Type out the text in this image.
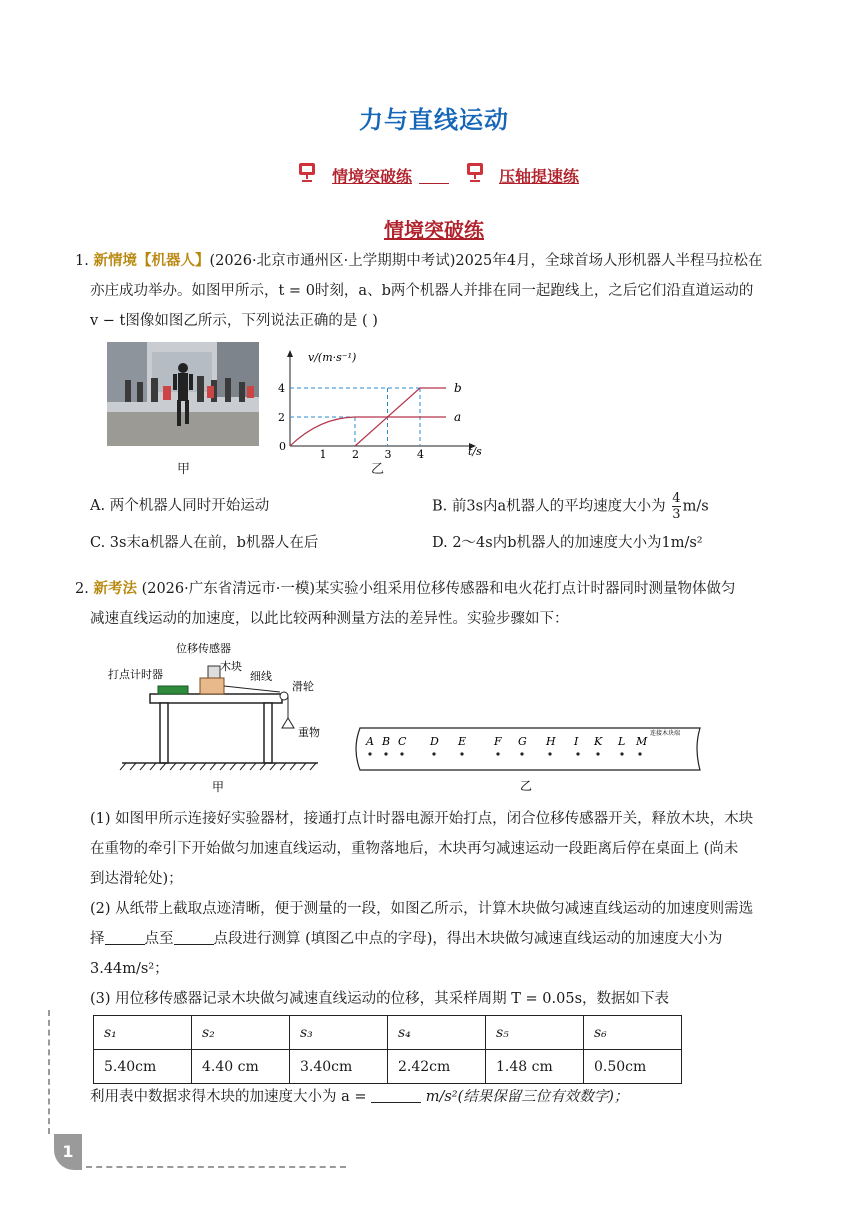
力与直线运动
情境突破练	压轴提速练
情境突破练
1. 新情境【机器人】(2026·北京市通州区·上学期期中考试)2025年4月，全球首场人形机器人半程马拉松在
亦庄成功举办。如图甲所示，t = 0时刻，a、b两个机器人并排在同一起跑线上，之后它们沿直道运动的
v − t图像如图乙所示，下列说法正确的是 ( )
甲
1 2 3 4
2
4
v/(m·s⁻¹)
t/s
0
a
b
乙
A. 两个机器人同时开始运动	B. 前3s内a机器人的平均速度大小为 $\frac{4}{3} m/s$
C. 3s末a机器人在前，b机器人在后	D. 2～4s内b机器人的加速度大小为1m/s²
2. 新考法 (2026·广东省清远市·一模)某实验小组采用位移传感器和电火花打点计时器同时测量物体做匀
减速直线运动的加速度，以此比较两种测量方法的差异性。实验步骤如下：
位移传感器
打点计时器
木块
细线
滑轮
重物
甲
A B C D E	F G H I K L M
连接木块端
乙
(1) 如图甲所示连接好实验器材，接通打点计时器电源开始打点，闭合位移传感器开关，释放木块，木块
在重物的牵引下开始做匀加速直线运动，重物落地后，木块再匀减速运动一段距离后停在桌面上 (尚未
到达滑轮处)；
(2) 从纸带上截取点迹清晰，便于测量的一段，如图乙所示，计算木块做匀减速直线运动的加速度则需选
择	点至	点段进行测算 (填图乙中点的字母)，得出木块做匀减速直线运动的加速度大小为
3.44m/s²；
(3) 用位移传感器记录木块做匀减速直线运动的位移，其采样周期 T = 0.05s，数据如下表
s₁	s₂	s₃	s₄	s₅	s₆
5.40cm	4.40 cm	3.40cm	2.42cm	1.48 cm	0.50cm
利用表中数据求得木块的加速度大小为 a =	m/s²(结果保留三位有效数字)；
1
